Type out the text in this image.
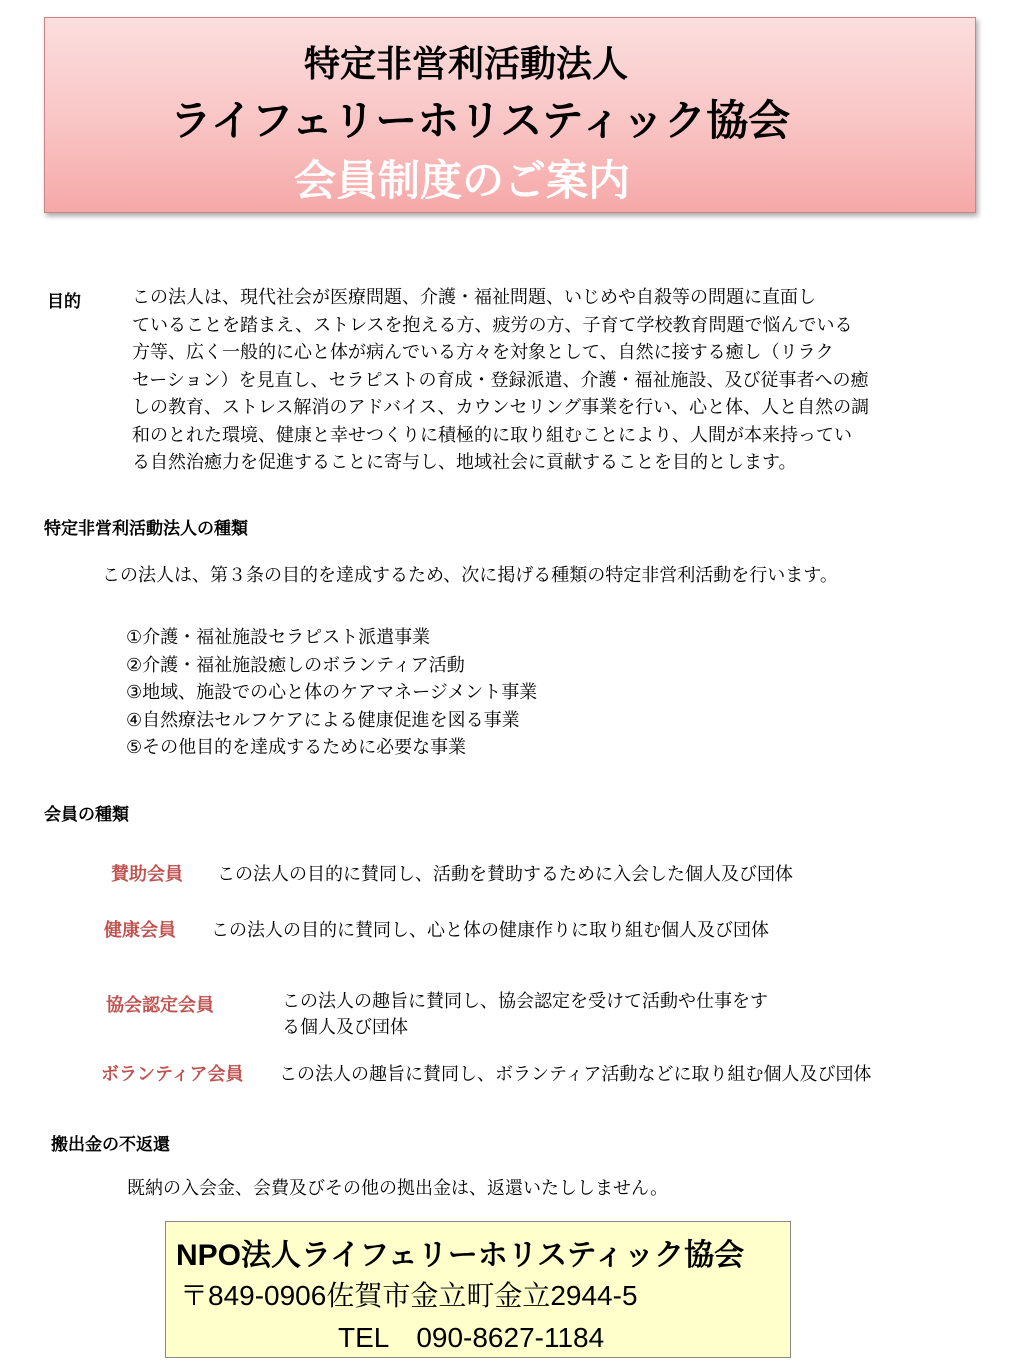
特定非営利活動法人
ライフェリーホリスティック協会
会員制度のご案内
目的	この法人は、現代社会が医療問題、介護・福祉問題、いじめや自殺等の問題に直面し
ていることを踏まえ、ストレスを抱える方、疲労の方、子育て学校教育問題で悩んでいる
方等、広く一般的に心と体が病んでいる方々を対象として、自然に接する癒し（リラク
セーション）を見直し、セラピストの育成・登録派遣、介護・福祉施設、及び従事者への癒
しの教育、ストレス解消のアドバイス、カウンセリング事業を行い、心と体、人と自然の調
和のとれた環境、健康と幸せつくりに積極的に取り組むことにより、人間が本来持ってい
る自然治癒力を促進することに寄与し、地域社会に貢献することを目的とします。
特定非営利活動法人の種類
この法人は、第３条の目的を達成するため、次に掲げる種類の特定非営利活動を行います。
①介護・福祉施設セラピスト派遣事業
②介護・福祉施設癒しのボランティア活動
③地域、施設での心と体のケアマネージメント事業
④自然療法セルフケアによる健康促進を図る事業
⑤その他目的を達成するために必要な事業
会員の種類
賛助会員 この法人の目的に賛同し、活動を賛助するために入会した個人及び団体
健康会員 この法人の目的に賛同し、心と体の健康作りに取り組む個人及び団体
協会認定会員	この法人の趣旨に賛同し、協会認定を受けて活動や仕事をす
る個人及び団体
ボランティア会員 この法人の趣旨に賛同し、ボランティア活動などに取り組む個人及び団体
搬出金の不返還
既納の入会金、会費及びその他の拠出金は、返還いたししません。
NPO法人ライフェリーホリスティック協会
〒849-0906佐賀市金立町金立2944-5
TEL　090-8627-1184
